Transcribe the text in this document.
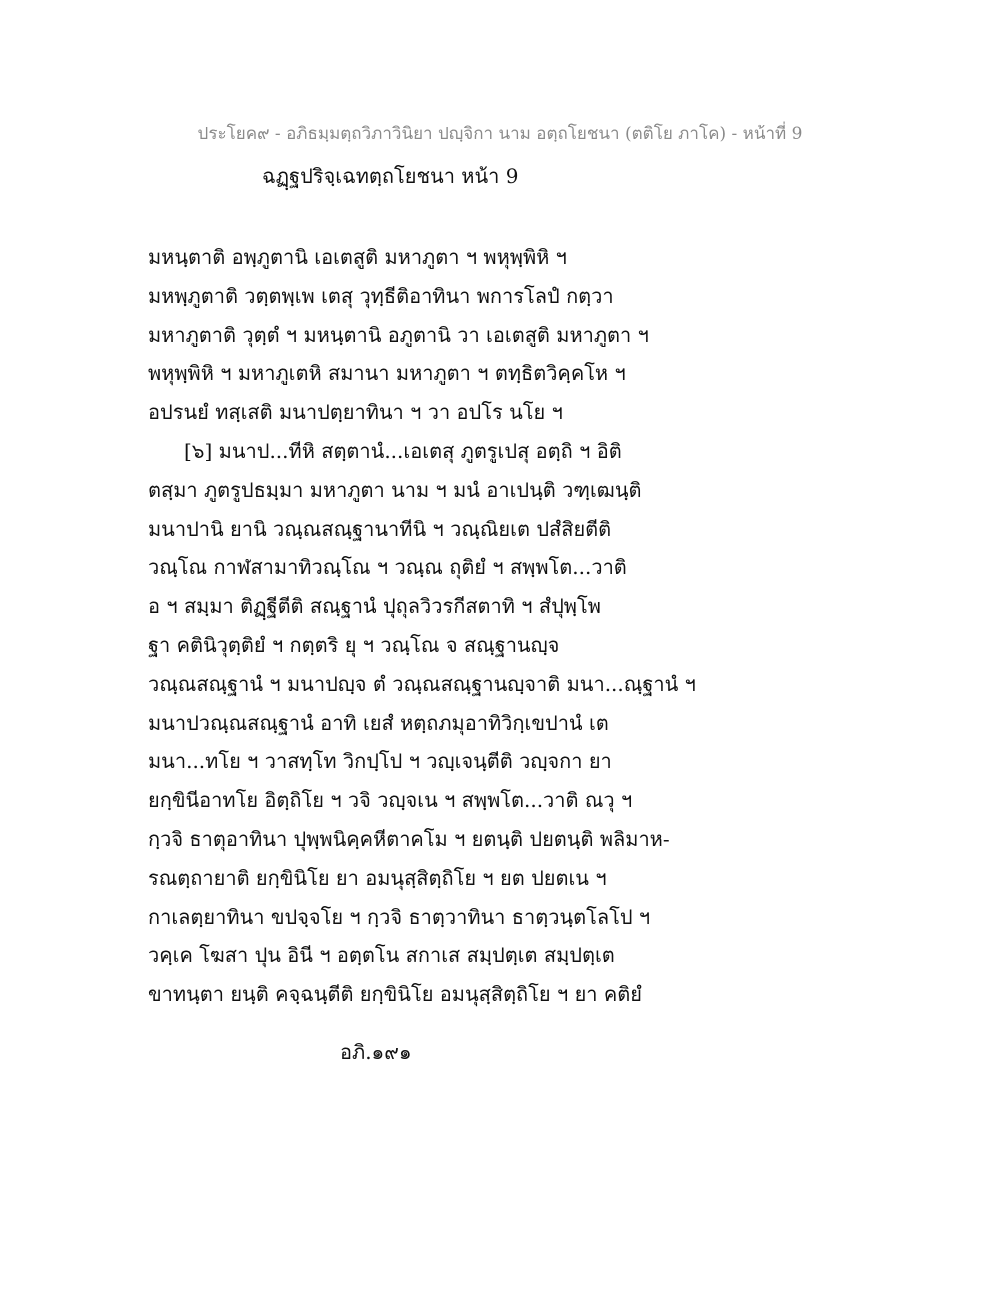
ประโยค๙ - อภิธมฺมตฺถวิภาวินิยา ปญฺจิกา นาม อตฺถโยชนา (ตติโย ภาโค) - หน้าที่ 9
ฉฏฺฐปริจฺเฉทตฺถโยชนา หน้า 9
มหนฺตาติ อพฺภูตานิ เอเตสูติ มหาภูตา ฯ พหุพฺพิหิ ฯ
มหพฺภูตาติ วตฺตพฺเพ เตสุ วุทฺธีติอาทินา พการโลปํ กตฺวา
มหาภูตาติ วุตฺตํ ฯ มหนฺตานิ อภูตานิ วา เอเตสูติ มหาภูตา ฯ
พหุพฺพิหิ ฯ มหาภูเตหิ สมานา มหาภูตา ฯ ตทฺธิตวิคฺคโห ฯ
อปรนยํ ทสฺเสติ มนาปตฺยาทินา ฯ วา อปโร นโย ฯ
[๖] มนาป...ทีหิ สตฺตานํ...เอเตสุ ภูตรูเปสุ อตฺถิ ฯ อิติ
ตสฺมา ภูตรูปธมฺมา มหาภูตา นาม ฯ มนํ อาเปนฺติ วฑฺเฒนฺติ
มนาปานิ ยานิ วณฺณสณฺฐานาทีนิ ฯ วณฺณิยเต ปสํสิยตีติ
วณฺโณ กาฬสามาทิวณฺโณ ฯ วณฺณ ถุติยํ ฯ สพฺพโต...วาติ
อ ฯ สมฺมา ติฏฺฐีตีติ สณฺฐานํ ปุถุลวิวรกีสตาทิ ฯ สํปุพฺโพ
ฐา คตินิวุตฺติยํ ฯ กตฺตริ ยุ ฯ วณฺโณ จ สณฺฐานญฺจ
วณฺณสณฺฐานํ ฯ มนาปญฺจ ตํ วณฺณสณฺฐานญฺจาติ มนา...ณฺฐานํ ฯ
มนาปวณฺณสณฺฐานํ อาทิ เยสํ หตฺถภมุอาทิวิกฺเขปานํ เต
มนา...ทโย ฯ วาสทฺโท วิกปฺโป ฯ วญฺเจนฺตีติ วญฺจกา ยา
ยกฺขินีอาทโย อิตฺถิโย ฯ วจิ วญฺจเน ฯ สพฺพโต...วาติ ณวุ ฯ
กฺวจิ ธาตุอาทินา ปุพฺพนิคฺคหีตาคโม ฯ ยตนฺติ ปยตนฺติ พลิมาห-
รณตฺถายาติ ยกฺขินิโย ยา อมนุสฺสิตฺถิโย ฯ ยต ปยตเน ฯ
กาเลตฺยาทินา ขปจฺจโย ฯ กฺวจิ ธาตฺวาทินา ธาตฺวนฺตโลโป ฯ
วคฺเค โฆสา ปุน อินี ฯ อตฺตโน สกาเส สมฺปตฺเต สมฺปตฺเต
ขาทนฺตา ยนฺติ คจฺฉนฺตีติ ยกฺขินิโย อมนุสฺสิตฺถิโย ฯ ยา คติยํ
อภิ.๑๙๑
